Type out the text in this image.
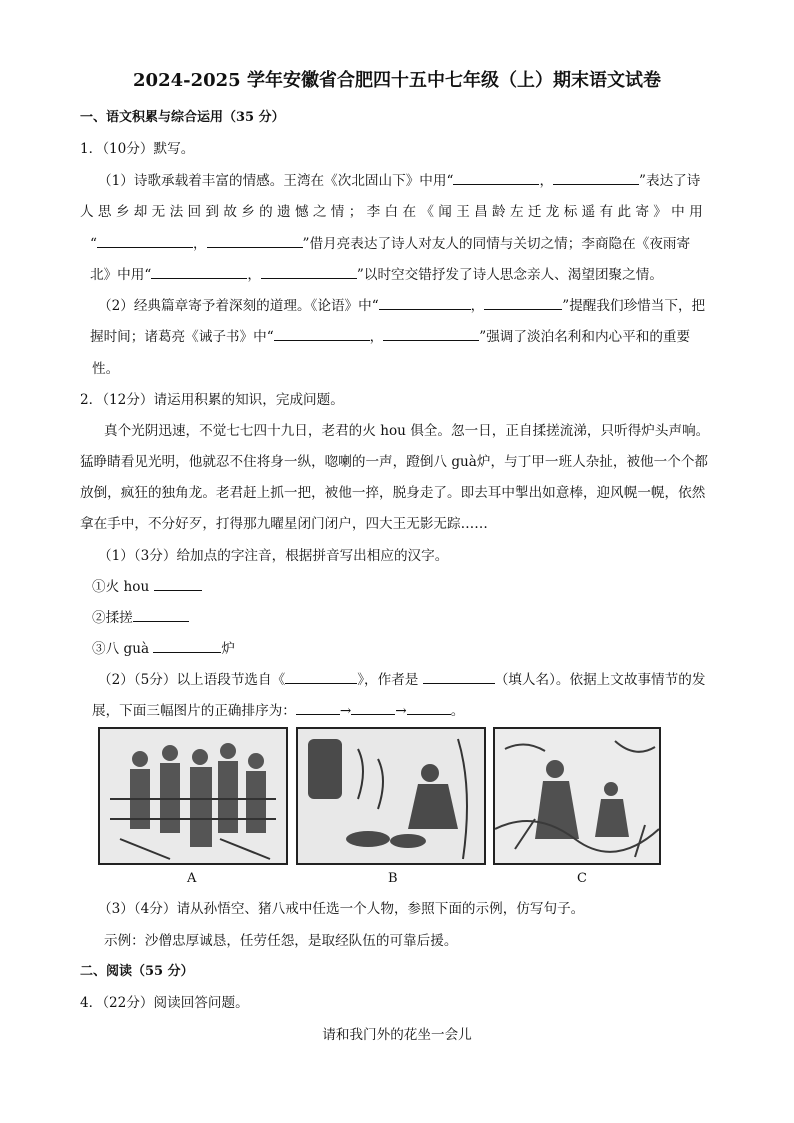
2024-2025 学年安徽省合肥四十五中七年级（上）期末语文试卷
一、语文积累与综合运用（35 分）
1．（10分）默写。
（1）诗歌承载着丰富的情感。王湾在《次北固山下》中用“	，	”表达了诗
人 思 乡 却 无 法 回 到 故 乡 的 遗 憾 之 情 ； 李 白 在 《 闻 王 昌 龄 左 迁 龙 标 遥 有 此 寄 》 中 用
“	，	”借月亮表达了诗人对友人的同情与关切之情；李商隐在《夜雨寄
北》中用“	，	”以时空交错抒发了诗人思念亲人、渴望团聚之情。
（2）经典篇章寄予着深刻的道理。《论语》中“	，	”提醒我们珍惜当下，把
握时间；诸葛亮《诫子书》中“	，	”强调了淡泊名利和内心平和的重要
性。
2．（12分）请运用积累的知识，完成问题。
真个光阴迅速，不觉七七四十九日，老君的火 hou 俱全。忽一日，正自揉搓流涕，只听得炉头声响。
猛睁睛看见光明，他就忍不住将身一纵，唿喇的一声，蹬倒八 guà炉，与丁甲一班人杂扯，被他一个个都
放倒，疯狂的独角龙。老君赶上抓一把，被他一捽，脱身走了。即去耳中掣出如意棒，迎风幌一幌，依然
拿在手中，不分好歹，打得那九曜星闭门闭户，四大王无影无踪……
（1）（3分）给加点的字注音，根据拼音写出相应的汉字。
①火 hou
②揉搓
③八 guà	炉
（2）（5分）以上语段节选自《	》，作者是	（填人名）。依据上文故事情节的发
展，下面三幅图片的正确排序为：	→	→	。
A	B	C
（3）（4分）请从孙悟空、猪八戒中任选一个人物，参照下面的示例，仿写句子。
示例：沙僧忠厚诚恳，任劳任怨，是取经队伍的可靠后援。
二、阅读（55 分）
4．（22分）阅读回答问题。
请和我门外的花坐一会儿
